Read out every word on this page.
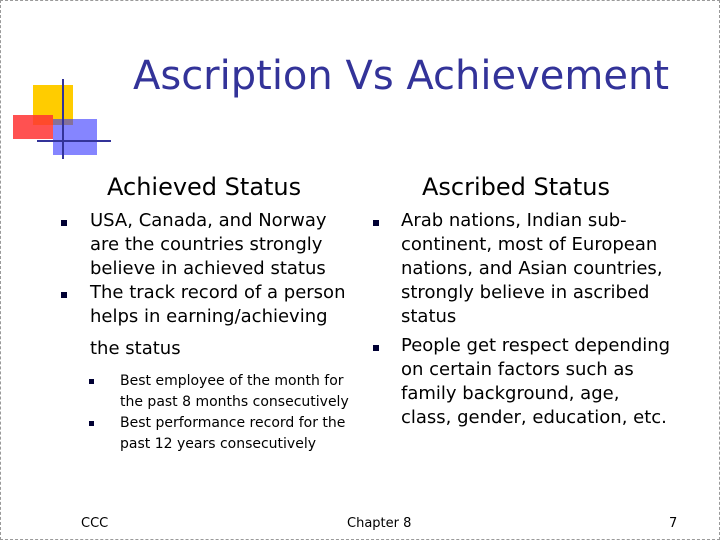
Ascription Vs Achievement
Achieved Status	Ascribed Status
USA, Canada, and Norway are the countries strongly believe in achieved status
The track record of a person helps in earning/achieving
the status
Best employee of the month for the past 8 months consecutively
Best performance record for the past 12 years consecutively
Arab nations, Indian sub-continent, most of European nations, and Asian countries, strongly believe in ascribed status
People get respect depending on certain factors such as family background, age, class, gender, education, etc.
CCC	Chapter 8	7
